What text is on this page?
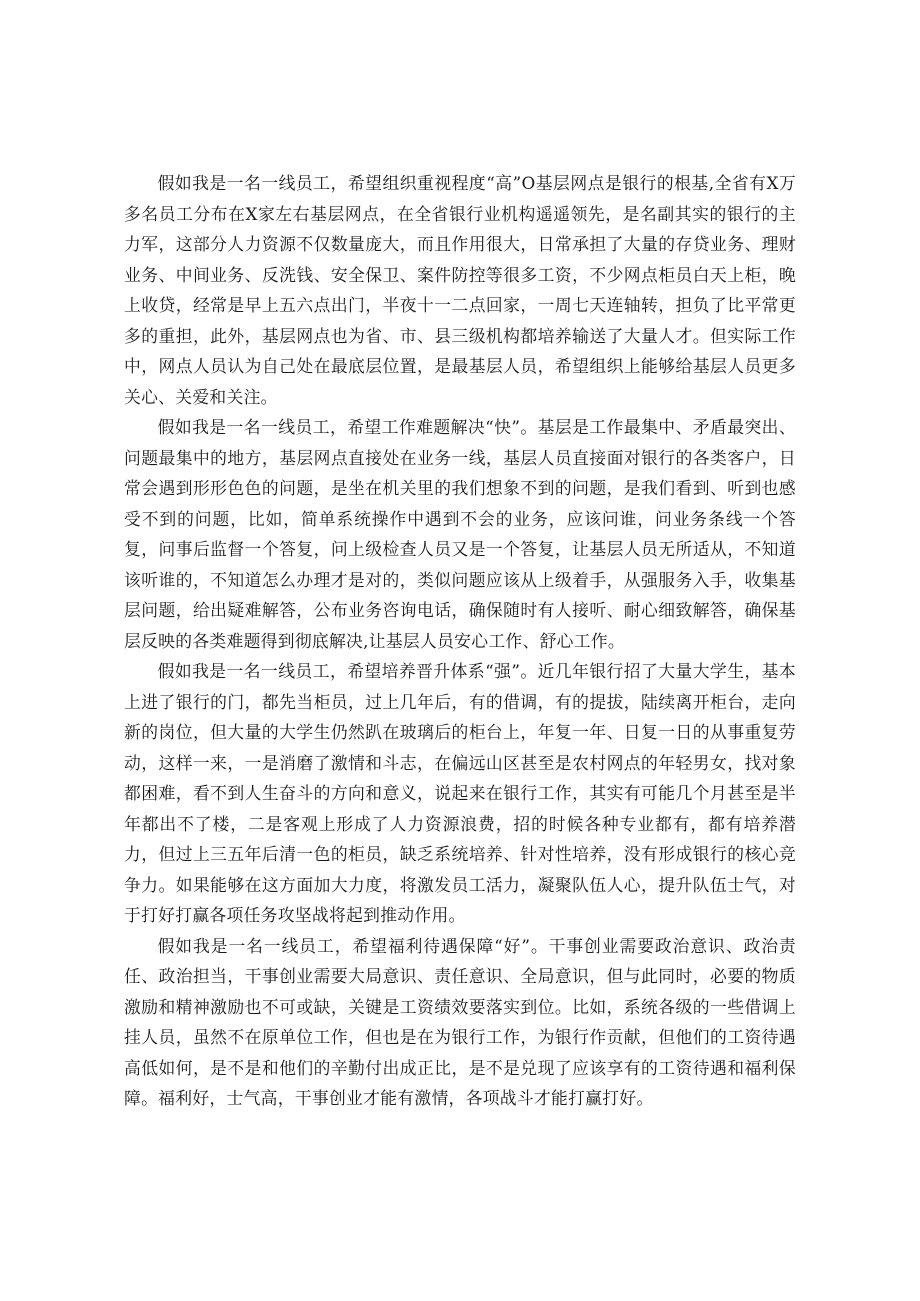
假如我是一名一线员工，希望组织重视程度“高”O基层网点是银行的根基,全省有X万多名员工分布在X家左右基层网点，在全省银行业机构遥遥领先，是名副其实的银行的主力军，这部分人力资源不仅数量庞大，而且作用很大，日常承担了大量的存贷业务、理财业务、中间业务、反洗钱、安全保卫、案件防控等很多工资，不少网点柜员白天上柜，晚上收贷，经常是早上五六点出门，半夜十一二点回家，一周七天连轴转，担负了比平常更多的重担，此外，基层网点也为省、市、县三级机构都培养输送了大量人才。但实际工作中，网点人员认为自己处在最底层位置，是最基层人员，希望组织上能够给基层人员更多关心、关爱和关注。

假如我是一名一线员工，希望工作难题解决“快”。基层是工作最集中、矛盾最突出、问题最集中的地方，基层网点直接处在业务一线，基层人员直接面对银行的各类客户，日常会遇到形形色色的问题，是坐在机关里的我们想象不到的问题，是我们看到、听到也感受不到的问题，比如，简单系统操作中遇到不会的业务，应该问谁，问业务条线一个答复，问事后监督一个答复，问上级检查人员又是一个答复，让基层人员无所适从，不知道该听谁的，不知道怎么办理才是对的，类似问题应该从上级着手，从强服务入手，收集基层问题，给出疑难解答，公布业务咨询电话，确保随时有人接听、耐心细致解答，确保基层反映的各类难题得到彻底解决,让基层人员安心工作、舒心工作。

假如我是一名一线员工，希望培养晋升体系“强”。近几年银行招了大量大学生，基本上进了银行的门，都先当柜员，过上几年后，有的借调，有的提拔，陆续离开柜台，走向新的岗位，但大量的大学生仍然趴在玻璃后的柜台上，年复一年、日复一日的从事重复劳动，这样一来，一是消磨了激情和斗志，在偏远山区甚至是农村网点的年轻男女，找对象都困难，看不到人生奋斗的方向和意义，说起来在银行工作，其实有可能几个月甚至是半年都出不了楼，二是客观上形成了人力资源浪费，招的时候各种专业都有，都有培养潜力，但过上三五年后清一色的柜员，缺乏系统培养、针对性培养，没有形成银行的核心竞争力。如果能够在这方面加大力度，将激发员工活力，凝聚队伍人心，提升队伍士气，对于打好打赢各项任务攻坚战将起到推动作用。

假如我是一名一线员工，希望福利待遇保障“好”。干事创业需要政治意识、政治责任、政治担当，干事创业需要大局意识、责任意识、全局意识，但与此同时，必要的物质激励和精神激励也不可或缺，关键是工资绩效要落实到位。比如，系统各级的一些借调上挂人员，虽然不在原单位工作，但也是在为银行工作，为银行作贡献，但他们的工资待遇高低如何，是不是和他们的辛勤付出成正比，是不是兑现了应该享有的工资待遇和福利保障。福利好，士气高，干事创业才能有激情，各项战斗才能打赢打好。
